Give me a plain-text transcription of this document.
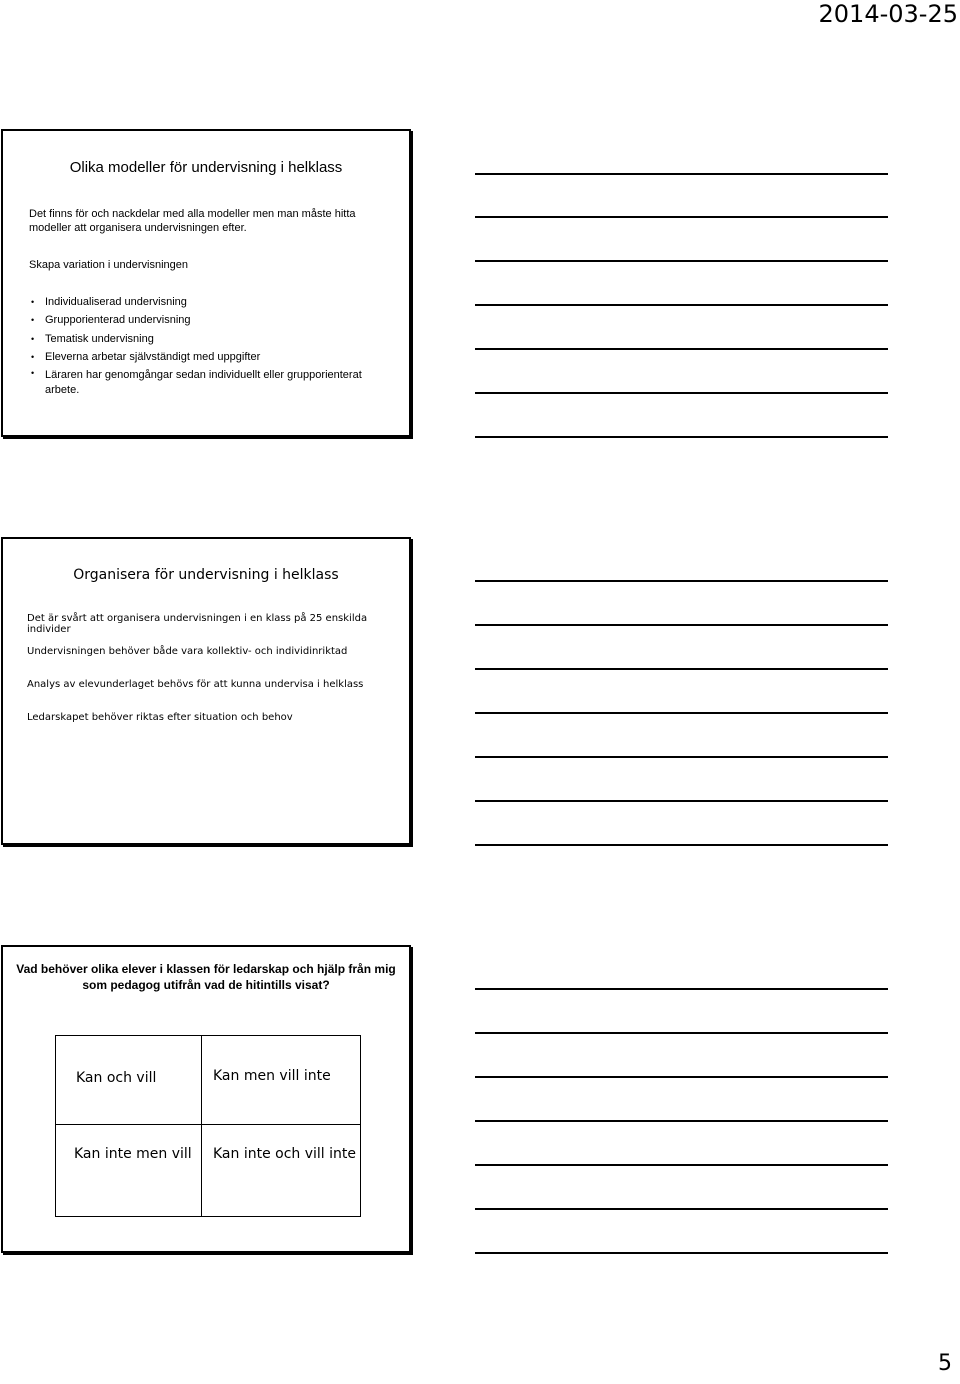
2014-03-25
Olika modeller för undervisning i helklass
Det finns för och nackdelar med alla modeller men man måste hitta modeller att organisera undervisningen efter.
Skapa variation i undervisningen
• Individualiserad undervisning
• Grupporienterad undervisning
• Tematisk undervisning
• Eleverna arbetar självständigt med uppgifter
• Läraren har genomgångar sedan individuellt eller grupporienterat arbete.
Organisera för undervisning i helklass
Det är svårt att organisera undervisningen i en klass på 25 enskilda individer
Undervisningen behöver både vara kollektiv- och individinriktad
Analys av elevunderlaget behövs för att kunna undervisa i helklass
Ledarskapet behöver riktas efter situation och behov
Vad behöver olika elever i klassen för ledarskap och hjälp från mig som pedagog utifrån vad de hitintills visat?
Kan och vill	Kan men vill inte
Kan inte men vill Kan inte och vill inte
5
